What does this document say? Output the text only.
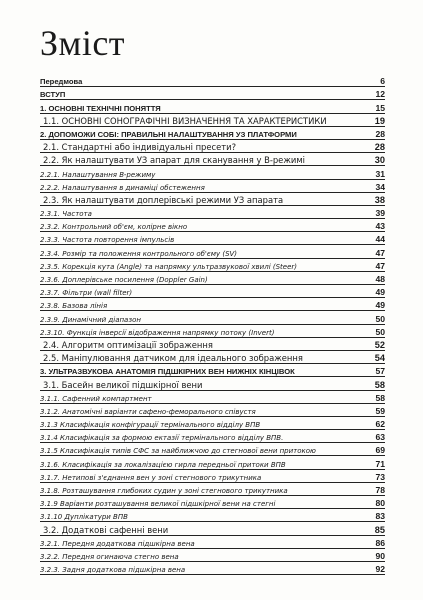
Зміст
Передмова	6
ВСТУП	12
1. ОСНОВНІ ТЕХНІЧНІ ПОНЯТТЯ	15
1.1. ОСНОВНІ СОНОГРАФІЧНІ ВИЗНАЧЕННЯ ТА ХАРАКТЕРИСТИКИ	19
2. ДОПОМОЖИ СОБІ: ПРАВИЛЬНІ НАЛАШТУВАННЯ УЗ ПЛАТФОРМИ	28
2.1. Стандартні або індивідуальні пресети?	28
2.2. Як налаштувати УЗ апарат для сканування у B-режимі	30
2.2.1. Налаштування B-режиму	31
2.2.2. Налаштування в динаміці обстеження	34
2.3. Як налаштувати доплерівські режими УЗ апарата	38
2.3.1. Частота	39
2.3.2. Контрольний об'єм, колірне вікно	43
2.3.3. Частота повторення імпульсів	44
2.3.4. Розмір та положення контрольного об'єму (SV)	47
2.3.5. Корекція кута (Angle) та напрямку ультразвукової хвилі (Steer)	47
2.3.6. Доплерівське посилення (Doppler Gain)	48
2.3.7. Фільтри (wall filter)	49
2.3.8. Базова лінія	49
2.3.9. Динамічний діапазон	50
2.3.10. Функція інверсії відображення напрямку потоку (Invert)	50
2.4. Алгоритм оптимізації зображення	52
2.5. Маніпулювання датчиком для ідеального зображення	54
3. УЛЬТРАЗВУКОВА АНАТОМІЯ ПІДШКІРНИХ ВЕН НИЖНІХ КІНЦІВОК	57
3.1. Басейн великої підшкірної вени	58
3.1.1. Сафенний компартмент	58
3.1.2. Анатомічні варіанти сафено-феморального співустя	59
3.1.3 Класифікація конфігурації термінального відділу ВПВ	62
3.1.4 Класифікація за формою ектазії термінального відділу ВПВ.	63
3.1.5 Класифікація типів СФС за найближчою до стегнової вени притокою	69
3.1.6. Класифікація за локалізацією гирла передньої притоки ВПВ	71
3.1.7. Нетипові з'єднання вен у зоні стегнового трикутника	73
3.1.8. Розташування глибоких судин у зоні стегнового трикутника	78
3.1.9 Варіанти розташування великої підшкірної вени на стегні	80
3.1.10 Дуплікатури ВПВ	83
3.2. Додаткові сафенні вени	85
3.2.1. Передня додаткова підшкірна вена	86
3.2.2. Передня огинаюча стегно вена	90
3.2.3. Задня додаткова підшкірна вена	92
